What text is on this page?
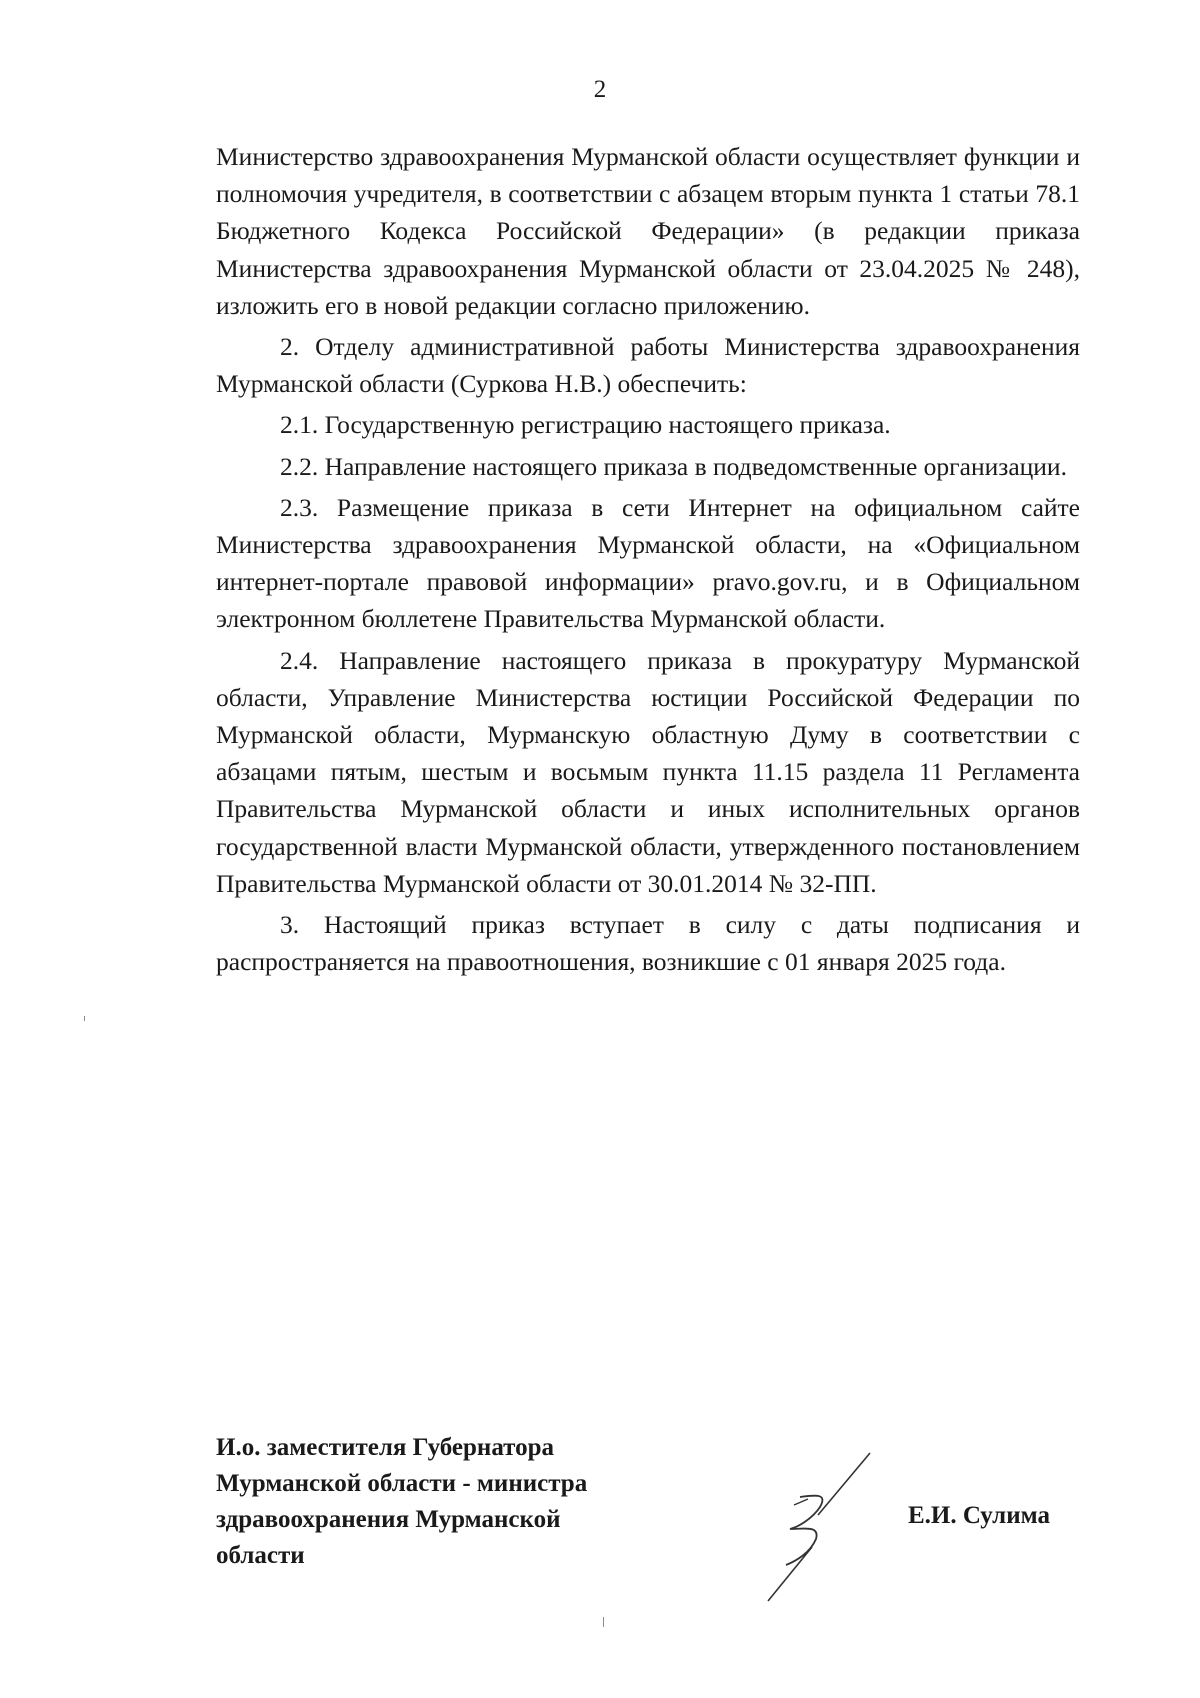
2

Министерство здравоохранения Мурманской области осуществляет функции и полномочия учредителя, в соответствии с абзацем вторым пункта 1 статьи 78.1 Бюджетного Кодекса Российской Федерации» (в редакции приказа Министерства здравоохранения Мурманской области от 23.04.2025 № 248), изложить его в новой редакции согласно приложению.

2. Отделу административной работы Министерства здравоохранения Мурманской области (Суркова Н.В.) обеспечить:

2.1. Государственную регистрацию настоящего приказа.

2.2. Направление настоящего приказа в подведомственные организации.

2.3. Размещение приказа в сети Интернет на официальном сайте Министерства здравоохранения Мурманской области, на «Официальном интернет-портале правовой информации» pravo.gov.ru, и в Официальном электронном бюллетене Правительства Мурманской области.

2.4. Направление настоящего приказа в прокуратуру Мурманской области, Управление Министерства юстиции Российской Федерации по Мурманской области, Мурманскую областную Думу в соответствии с абзацами пятым, шестым и восьмым пункта 11.15 раздела 11 Регламента Правительства Мурманской области и иных исполнительных органов государственной власти Мурманской области, утвержденного постановлением Правительства Мурманской области от 30.01.2014 № 32-ПП.

3. Настоящий приказ вступает в силу с даты подписания и распространяется на правоотношения, возникшие с 01 января 2025 года.

И.о. заместителя Губернатора
Мурманской области - министра
здравоохранения Мурманской
области
Е.И. Сулима
